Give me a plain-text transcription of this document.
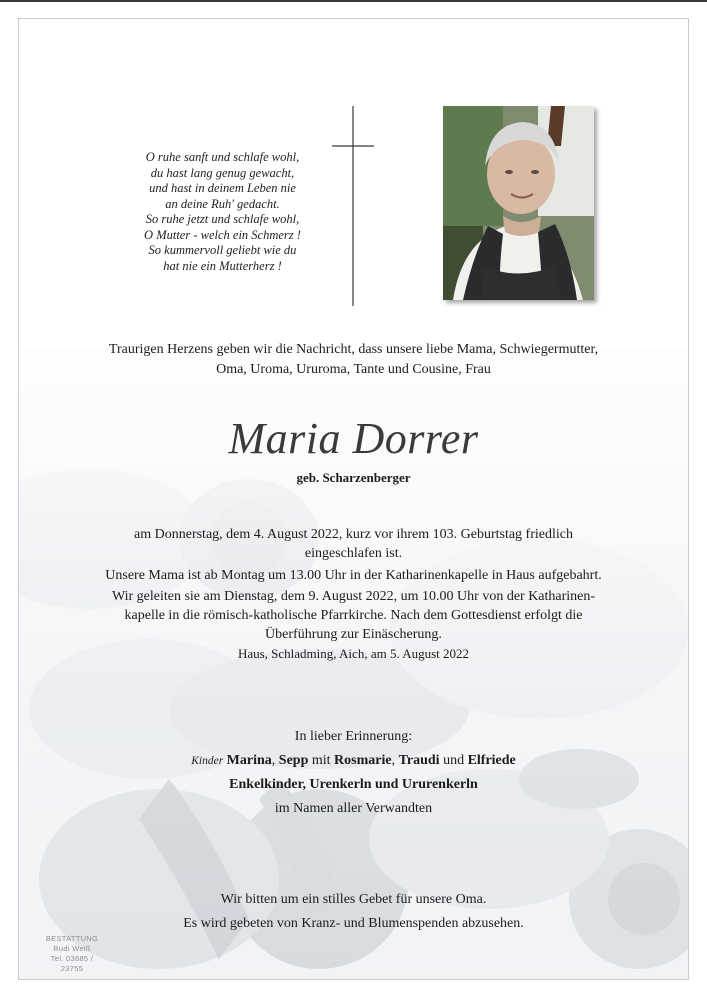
O ruhe sanft und schlafe wohl,
du hast lang genug gewacht,
und hast in deinem Leben nie
an deine Ruh' gedacht.
So ruhe jetzt und schlafe wohl,
O Mutter - welch ein Schmerz !
So kummervoll geliebt wie du
hat nie ein Mutterherz !
Traurigen Herzens geben wir die Nachricht, dass unsere liebe Mama, Schwiegermutter,
Oma, Uroma, Ururoma, Tante und Cousine, Frau
Maria Dorrer
geb. Scharzenberger
am Donnerstag, dem 4. August 2022, kurz vor ihrem 103. Geburtstag friedlich
eingeschlafen ist.
Unsere Mama ist ab Montag um 13.00 Uhr in der Katharinenkapelle in Haus aufgebahrt.
Wir geleiten sie am Dienstag, dem 9. August 2022, um 10.00 Uhr von der Katharinen-
kapelle in die römisch-katholische Pfarrkirche. Nach dem Gottesdienst erfolgt die
Überführung zur Einäscherung.
Haus, Schladming, Aich, am 5. August 2022
In lieber Erinnerung:
Kinder Marina, Sepp mit Rosmarie, Traudi und Elfriede
Enkelkinder, Urenkerln und Ururenkerln
im Namen aller Verwandten
Wir bitten um ein stilles Gebet für unsere Oma.
Es wird gebeten von Kranz- und Blumenspenden abzusehen.
BESTATTUNG
Rudi Weiß
Tel. 03685 / 23755
